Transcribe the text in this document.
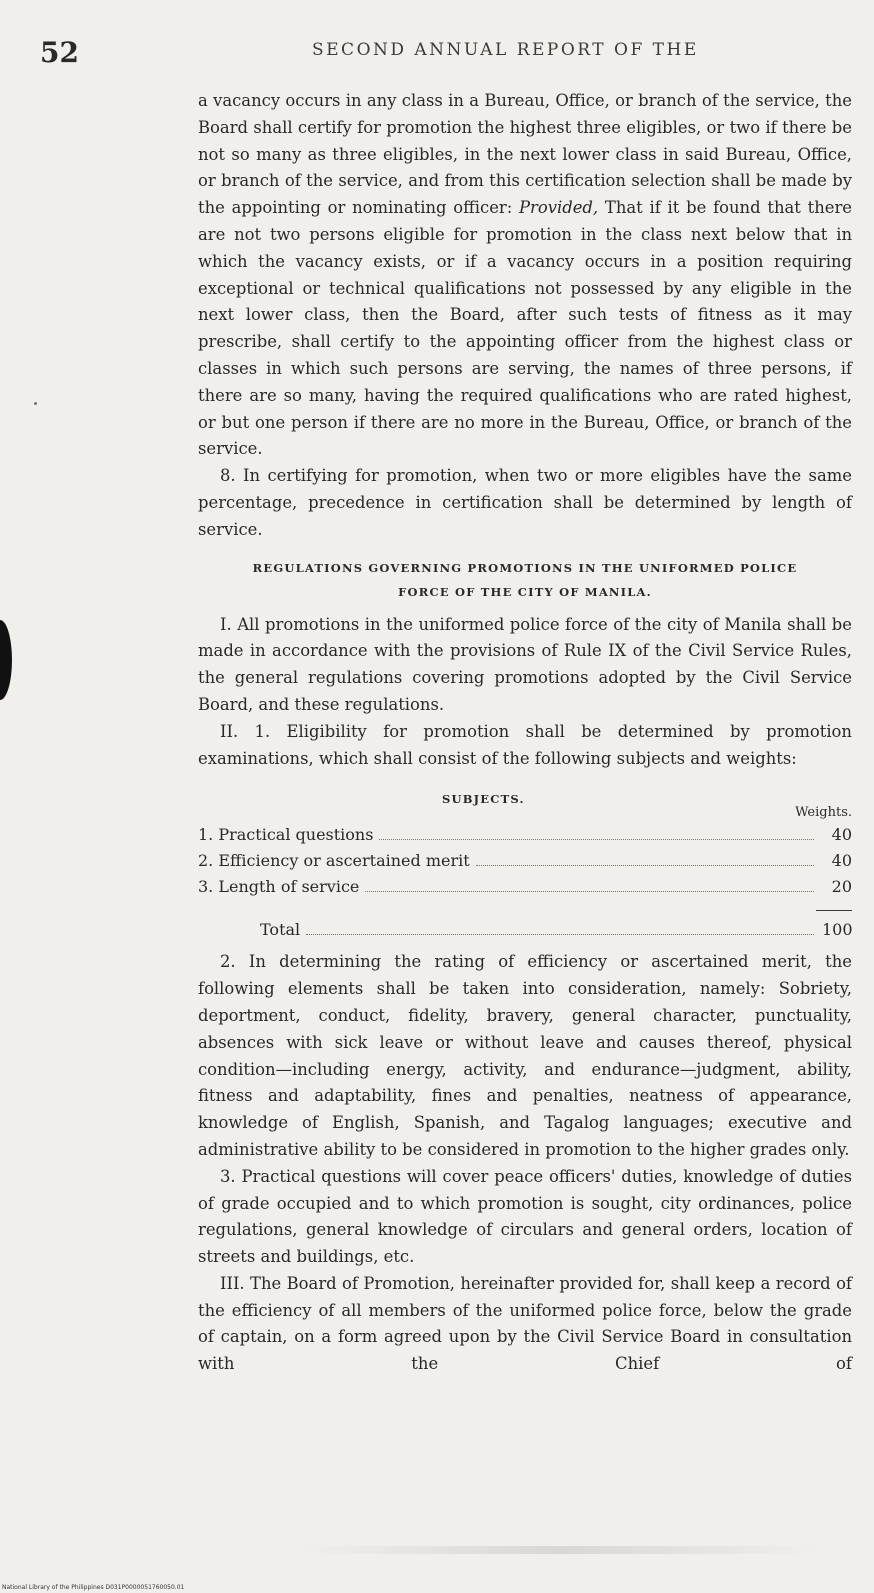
52	SECOND ANNUAL REPORT OF THE

a vacancy occurs in any class in a Bureau, Office, or branch of the service, the Board shall certify for promotion the highest three eligibles, or two if there be not so many as three eligibles, in the next lower class in said Bureau, Office, or branch of the service, and from this certification selection shall be made by the appointing or nominating officer: Provided, That if it be found that there are not two persons eligible for promotion in the class next below that in which the vacancy exists, or if a vacancy occurs in a position requiring exceptional or technical qualifications not possessed by any eligible in the next lower class, then the Board, after such tests of fitness as it may prescribe, shall certify to the appointing officer from the highest class or classes in which such persons are serving, the names of three persons, if there are so many, having the required qualifications who are rated highest, or but one person if there are no more in the Bureau, Office, or branch of the service.

8. In certifying for promotion, when two or more eligibles have the same percentage, precedence in certification shall be determined by length of service.

REGULATIONS GOVERNING PROMOTIONS IN THE UNIFORMED POLICE
FORCE OF THE CITY OF MANILA.

I. All promotions in the uniformed police force of the city of Manila shall be made in accordance with the provisions of Rule IX of the Civil Service Rules, the general regulations covering promotions adopted by the Civil Service Board, and these regulations.

II. 1. Eligibility for promotion shall be determined by promotion examinations, which shall consist of the following subjects and weights:

SUBJECTS.
Weights.
1. Practical questions	40
2. Efficiency or ascertained merit	40
3. Length of service	20
Total	100

2. In determining the rating of efficiency or ascertained merit, the following elements shall be taken into consideration, namely: Sobriety, deportment, conduct, fidelity, bravery, general character, punctuality, absences with sick leave or without leave and causes thereof, physical condition—including energy, activity, and endurance—judgment, ability, fitness and adaptability, fines and penalties, neatness of appearance, knowledge of English, Spanish, and Tagalog languages; executive and administrative ability to be considered in promotion to the higher grades only.

3. Practical questions will cover peace officers' duties, knowledge of duties of grade occupied and to which promotion is sought, city ordinances, police regulations, general knowledge of circulars and general orders, location of streets and buildings, etc.

III. The Board of Promotion, hereinafter provided for, shall keep a record of the efficiency of all members of the uniformed police force, below the grade of captain, on a form agreed upon by the Civil Service Board in consultation with the Chief of

National Library of the Philippines D031P0000051760050.01
